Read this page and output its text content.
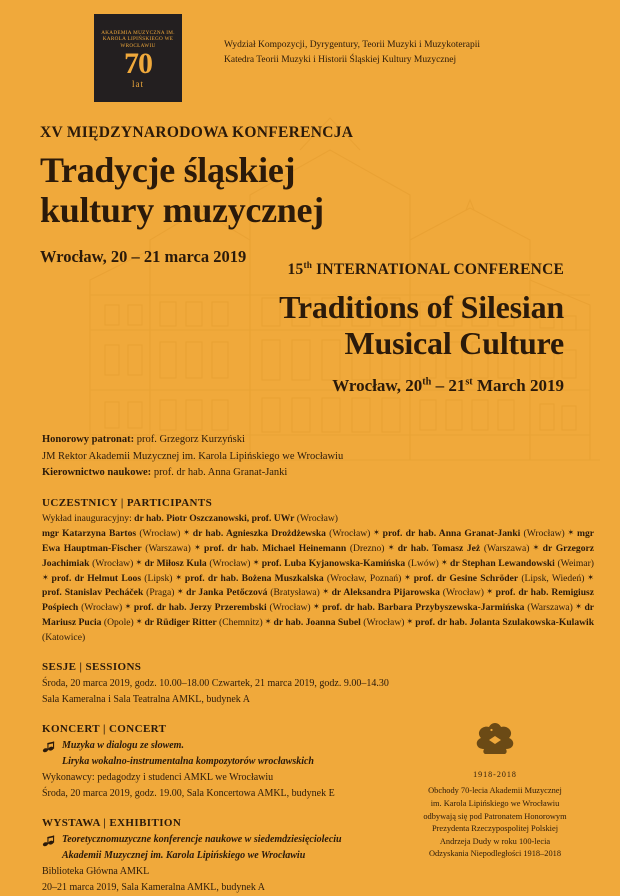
AKADEMIA MUZYCZNA IM. KAROLA LIPIŃSKIEGO WE WROCŁAWIU
70
lat
Wydział Kompozycji, Dyrygentury, Teorii Muzyki i Muzykoterapii
Katedra Teorii Muzyki i Historii Śląskiej Kultury Muzycznej
XV MIĘDZYNARODOWA KONFERENCJA
Tradycje śląskiej
kultury muzycznej
Wrocław, 20 – 21 marca 2019
15th INTERNATIONAL CONFERENCE
Traditions of Silesian
Musical Culture
Wrocław, 20th – 21st March 2019
Honorowy patronat: prof. Grzegorz Kurzyński
JM Rektor Akademii Muzycznej im. Karola Lipińskiego we Wrocławiu
Kierownictwo naukowe: prof. dr hab. Anna Granat-Janki
UCZESTNICY | PARTICIPANTS
Wykład inauguracyjny: dr hab. Piotr Oszczanowski, prof. UWr (Wrocław)
mgr Katarzyna Bartos (Wrocław) ✶ dr hab. Agnieszka Drożdżewska (Wrocław) ✶ prof. dr hab. Anna Granat-Janki (Wrocław) ✶ mgr Ewa Hauptman-Fischer (Warszawa) ✶ prof. dr hab. Michael Heinemann (Drezno) ✶ dr hab. Tomasz Jeż (Warszawa) ✶ dr Grzegorz Joachimiak (Wrocław) ✶ dr Miłosz Kula (Wrocław) ✶ prof. Luba Kyjanowska-Kamińska (Lwów) ✶ dr Stephan Lewandowski (Weimar) ✶ prof. dr Helmut Loos (Lipsk) ✶ prof. dr hab. Bożena Muszkalska (Wrocław, Poznań) ✶ prof. dr Gesine Schröder (Lipsk, Wiedeń) ✶ prof. Stanislav Pecháček (Praga) ✶ dr Janka Petőczová (Bratysława) ✶ dr Aleksandra Pijarowska (Wrocław) ✶ prof. dr hab. Remigiusz Pośpiech (Wrocław) ✶ prof. dr hab. Jerzy Przerembski (Wrocław) ✶ prof. dr hab. Barbara Przybyszewska-Jarmińska (Warszawa) ✶ dr Mariusz Pucia (Opole) ✶ dr Rüdiger Ritter (Chemnitz) ✶ dr hab. Joanna Subel (Wrocław) ✶ prof. dr hab. Jolanta Szulakowska-Kulawik (Katowice)
SESJE | SESSIONS
Środa, 20 marca 2019, godz. 10.00–18.00 Czwartek, 21 marca 2019, godz. 9.00–14.30
Sala Kameralna i Sala Teatralna AMKL, budynek A
KONCERT | CONCERT
Muzyka w dialogu ze słowem.
Liryka wokalno-instrumentalna kompozytorów wrocławskich
Wykonawcy: pedagodzy i studenci AMKL we Wrocławiu
Środa, 20 marca 2019, godz. 19.00, Sala Koncertowa AMKL, budynek E
WYSTAWA | EXHIBITION
Teoretycznomuzyczne konferencje naukowe w siedemdziesięcioleciu
Akademii Muzycznej im. Karola Lipińskiego we Wrocławiu
Biblioteka Główna AMKL
20–21 marca 2019, Sala Kameralna AMKL, budynek A
1918-2018
Obchody 70-lecia Akademii Muzycznej
im. Karola Lipińskiego we Wrocławiu
odbywają się pod Patronatem Honorowym
Prezydenta Rzeczypospolitej Polskiej
Andrzeja Dudy w roku 100-lecia
Odzyskania Niepodległości 1918–2018
